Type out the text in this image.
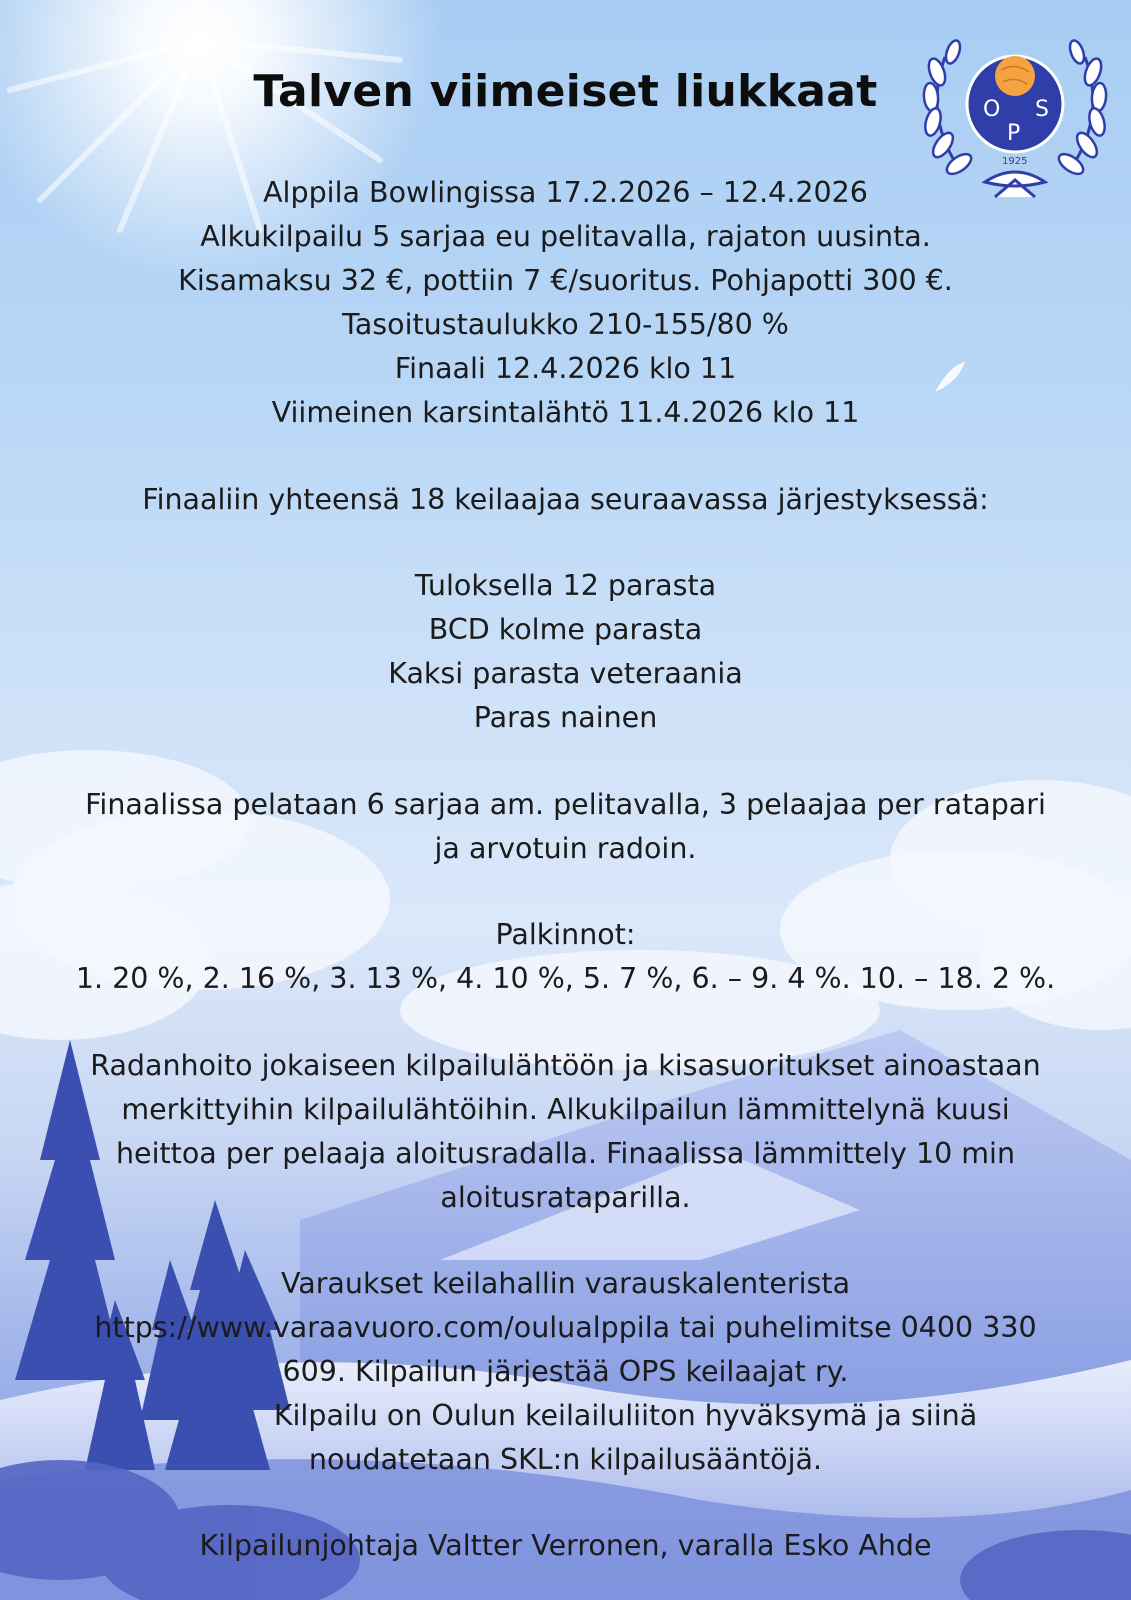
O S
P
1925
Talven viimeiset liukkaat
Alppila Bowlingissa 17.2.2026 – 12.4.2026
Alkukilpailu 5 sarjaa eu pelitavalla, rajaton uusinta.
Kisamaksu 32 €, pottiin 7 €/suoritus. Pohjapotti 300 €.
Tasoitustaulukko 210-155/80 %
Finaali 12.4.2026 klo 11
Viimeinen karsintalähtö 11.4.2026 klo 11
Finaaliin yhteensä 18 keilaajaa seuraavassa järjestyksessä:
Tuloksella 12 parasta
BCD kolme parasta
Kaksi parasta veteraania
Paras nainen
Finaalissa pelataan 6 sarjaa am. pelitavalla, 3 pelaajaa per ratapari
ja arvotuin radoin.
Palkinnot:
1. 20 %, 2. 16 %, 3. 13 %, 4. 10 %, 5. 7 %, 6. – 9. 4 %. 10. – 18. 2 %.
Radanhoito jokaiseen kilpailulähtöön ja kisasuoritukset ainoastaan
merkittyihin kilpailulähtöihin. Alkukilpailun lämmittelynä kuusi
heittoa per pelaaja aloitusradalla. Finaalissa lämmittely 10 min
aloitusrataparilla.
Varaukset keilahallin varauskalenterista
https://www.varaavuoro.com/oulualppila tai puhelimitse 0400 330
609. Kilpailun järjestää OPS keilaajat ry.
Kilpailu on Oulun keilailuliiton hyväksymä ja siinä
noudatetaan SKL:n kilpailusääntöjä.
Kilpailunjohtaja Valtter Verronen, varalla Esko Ahde
